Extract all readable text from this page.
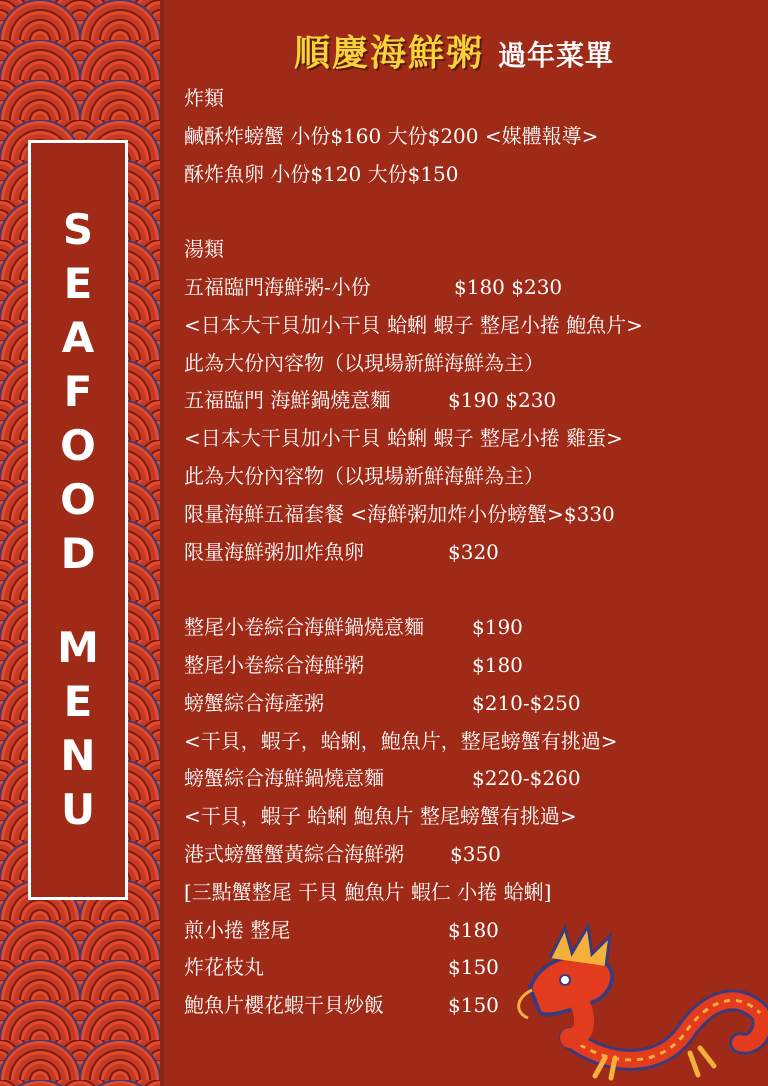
S
E
A
F
O
O
D
M
E
N
U
順慶海鮮粥 過年菜單
炸類
鹹酥炸螃蟹 小份$160 大份$200 <媒體報導>
酥炸魚卵 小份$120 大份$150
湯類
五福臨門海鮮粥-小份	$180 $230
<日本大干貝加小干貝 蛤蜊 蝦子 整尾小捲 鮑魚片>
此為大份內容物（以現場新鮮海鮮為主）
五福臨門 海鮮鍋燒意麵	$190 $230
<日本大干貝加小干貝 蛤蜊 蝦子 整尾小捲 雞蛋>
此為大份內容物（以現場新鮮海鮮為主）
限量海鮮五福套餐 <海鮮粥加炸小份螃蟹>$330
限量海鮮粥加炸魚卵	$320
整尾小卷綜合海鮮鍋燒意麵 $190
整尾小卷綜合海鮮粥	$180
螃蟹綜合海產粥	$210-$250
<干貝，蝦子，蛤蜊，鮑魚片，整尾螃蟹有挑過>
螃蟹綜合海鮮鍋燒意麵	$220-$260
<干貝，蝦子 蛤蜊 鮑魚片 整尾螃蟹有挑過>
港式螃蟹蟹黃綜合海鮮粥 $350
[三點蟹整尾 干貝 鮑魚片 蝦仁 小捲 蛤蜊]
煎小捲 整尾	$180
炸花枝丸	$150
鮑魚片櫻花蝦干貝炒飯	$150
